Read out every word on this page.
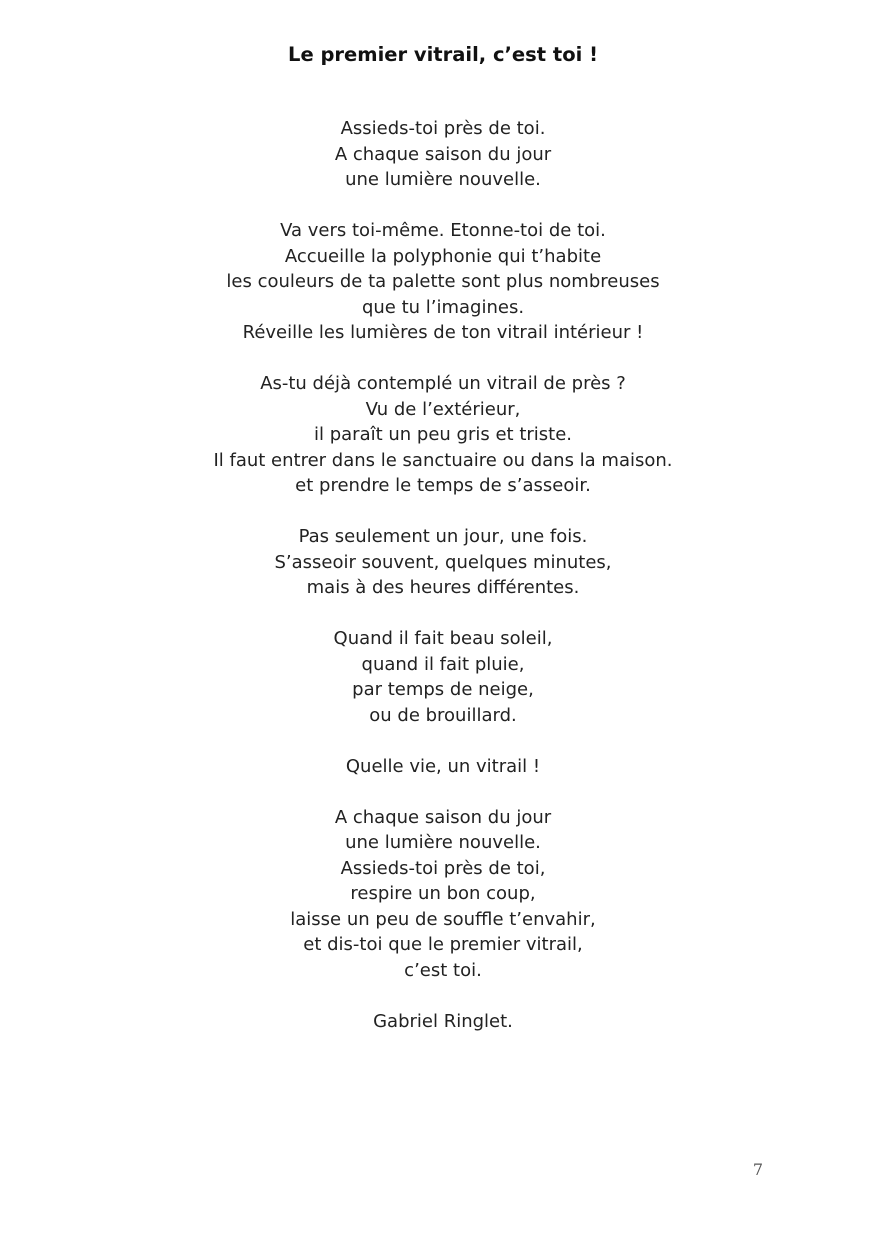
Le premier vitrail, c’est toi !
Assieds-toi près de toi.
A chaque saison du jour
une lumière nouvelle.
Va vers toi-même. Etonne-toi de toi.
Accueille la polyphonie qui t’habite
les couleurs de ta palette sont plus nombreuses
que tu l’imagines.
Réveille les lumières de ton vitrail intérieur !
As-tu déjà contemplé un vitrail de près ?
Vu de l’extérieur,
il paraît un peu gris et triste.
Il faut entrer dans le sanctuaire ou dans la maison.
et prendre le temps de s’asseoir.
Pas seulement un jour, une fois.
S’asseoir souvent, quelques minutes,
mais à des heures différentes.
Quand il fait beau soleil,
quand il fait pluie,
par temps de neige,
ou de brouillard.
Quelle vie, un vitrail !
A chaque saison du jour
une lumière nouvelle.
Assieds-toi près de toi,
respire un bon coup,
laisse un peu de souffle t’envahir,
et dis-toi que le premier vitrail,
c’est toi.
Gabriel Ringlet.
7
